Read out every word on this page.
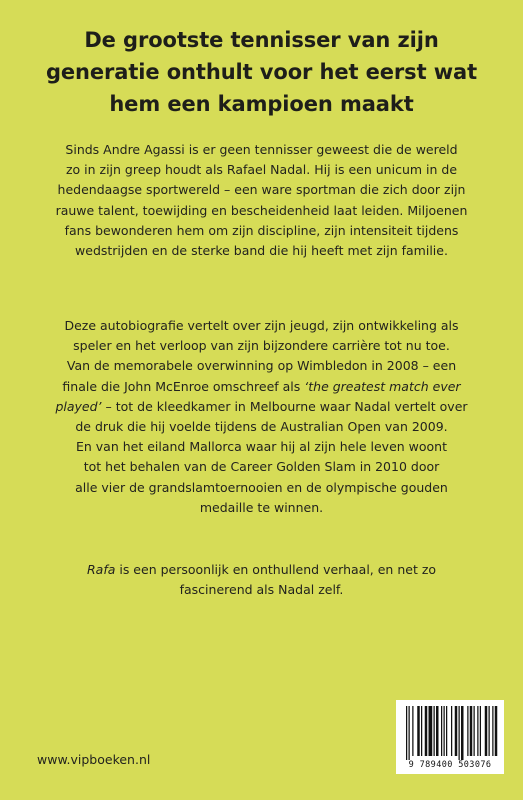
De grootste tennisser van zijn
generatie onthult voor het eerst wat
hem een kampioen maakt
Sinds Andre Agassi is er geen tennisser geweest die de wereld
zo in zijn greep houdt als Rafael Nadal. Hij is een unicum in de
hedendaagse sportwereld – een ware sportman die zich door zijn
rauwe talent, toewijding en bescheidenheid laat leiden. Miljoenen
fans bewonderen hem om zijn discipline, zijn intensiteit tijdens
wedstrijden en de sterke band die hij heeft met zijn familie.
Deze autobiografie vertelt over zijn jeugd, zijn ontwikkeling als
speler en het verloop van zijn bijzondere carrière tot nu toe.
Van de memorabele overwinning op Wimbledon in 2008 – een
finale die John McEnroe omschreef als ‘the greatest match ever
played’ – tot de kleedkamer in Melbourne waar Nadal vertelt over
de druk die hij voelde tijdens de Australian Open van 2009.
En van het eiland Mallorca waar hij al zijn hele leven woont
tot het behalen van de Career Golden Slam in 2010 door
alle vier de grandslamtoernooien en de olympische gouden
medaille te winnen.
Rafa is een persoonlijk en onthullend verhaal, en net zo
fascinerend als Nadal zelf.
www.vipboeken.nl	9 789400 503076
